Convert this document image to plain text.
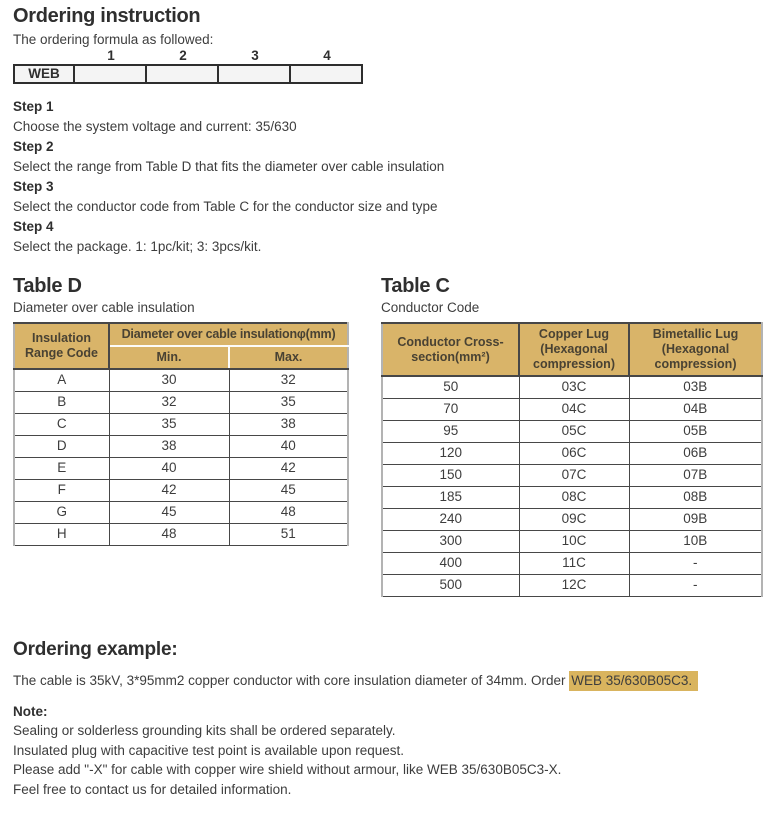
Ordering instruction

The ordering formula as followed:

1	2	3	4
WEB				

Step 1

Choose the system voltage and current: 35/630

Step 2

Select the range from Table D that fits the diameter over cable insulation

Step 3

Select the conductor code from Table C for the conductor size and type

Step 4

Select the package. 1: 1pc/kit; 3: 3pcs/kit.

Table D

Diameter over cable insulation

Insulation Range Code	Diameter over cable insulationφ(mm)	
	Min.	Max.
A	30	32
B	32	35
C	35	38
D	38	40
E	40	42
F	42	45
G	45	48
H	48	51
Table C

Conductor Code

Conductor Cross-section(mm²)	Copper Lug (Hexagonal compression)	Bimetallic Lug (Hexagonal compression)
50	03C	03B
70	04C	04B
95	05C	05B
120	06C	06B
150	07C	07B
185	08C	08B
240	09C	09B
300	10C	10B
400	11C	-
500	12C	-
Ordering example:

The cable is 35kV, 3*95mm2 copper conductor with core insulation diameter of 34mm. Order WEB 35/630B05C3.

Note:

Sealing or solderless grounding kits shall be ordered separately.

Insulated plug with capacitive test point is available upon request.

Please add "-X" for cable with copper wire shield without armour, like WEB 35/630B05C3-X.

Feel free to contact us for detailed information.
